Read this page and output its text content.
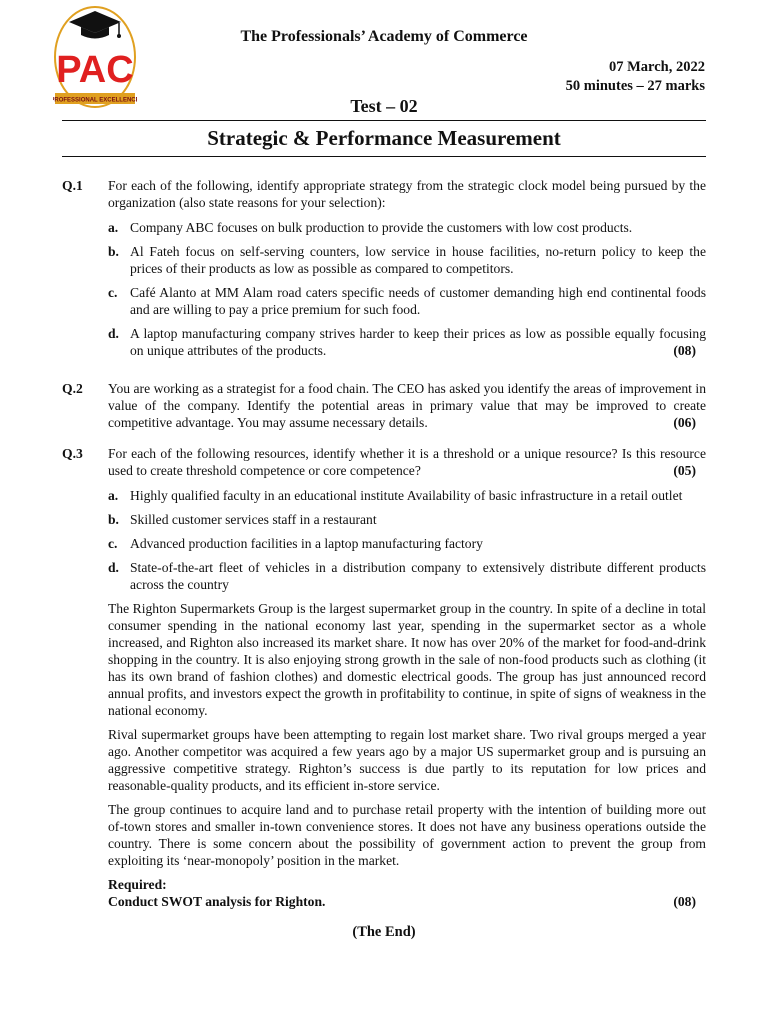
PAC
PROFESSIONAL EXCELLENCE
The Professionals’ Academy of Commerce
07 March, 2022
50 minutes – 27 marks
Test – 02
Strategic & Performance Measurement
Q.1	For each of the following, identify appropriate strategy from the strategic clock model being pursued by the organization (also state reasons for your selection):

a. Company ABC focuses on bulk production to provide the customers with low cost products.
b. Al Fateh focus on self-serving counters, low service in house facilities, no-return policy to keep the prices of their products as low as possible as compared to competitors.
c. Café Alanto at MM Alam road caters specific needs of customer demanding high end continental foods and are willing to pay a price premium for such food.
d. A laptop manufacturing company strives harder to keep their prices as low as possible equally focusing on unique attributes of the products.	(08)
Q.2	You are working as a strategist for a food chain. The CEO has asked you identify the areas of improvement in value of the company. Identify the potential areas in primary value that may be improved to create competitive advantage. You may assume necessary details.	(06)

Q.3	For each of the following resources, identify whether it is a threshold or a unique resource? Is this resource used to create threshold competence or core competence?	(05)

a. Highly qualified faculty in an educational institute Availability of basic infrastructure in a retail outlet
b. Skilled customer services staff in a restaurant
c. Advanced production facilities in a laptop manufacturing factory
d. State-of-the-art fleet of vehicles in a distribution company to extensively distribute different products across the country

The Righton Supermarkets Group is the largest supermarket group in the country. In spite of a decline in total consumer spending in the national economy last year, spending in the supermarket sector as a whole increased, and Righton also increased its market share. It now has over 20% of the market for food-and-drink shopping in the country. It is also enjoying strong growth in the sale of non-food products such as clothing (it has its own brand of fashion clothes) and domestic electrical goods. The group has just announced record annual profits, and investors expect the growth in profitability to continue, in spite of signs of weakness in the national economy.

Rival supermarket groups have been attempting to regain lost market share. Two rival groups merged a year ago. Another competitor was acquired a few years ago by a major US supermarket group and is pursuing an aggressive competitive strategy. Righton’s success is due partly to its reputation for low prices and reasonable-quality products, and its efficient in-store service.

The group continues to acquire land and to purchase retail property with the intention of building more out of-town stores and smaller in-town convenience stores. It does not have any business operations outside the country. There is some concern about the possibility of government action to prevent the group from exploiting its ‘near-monopoly’ position in the market.

Required:
Conduct SWOT analysis for Righton.	(08)
(The End)
